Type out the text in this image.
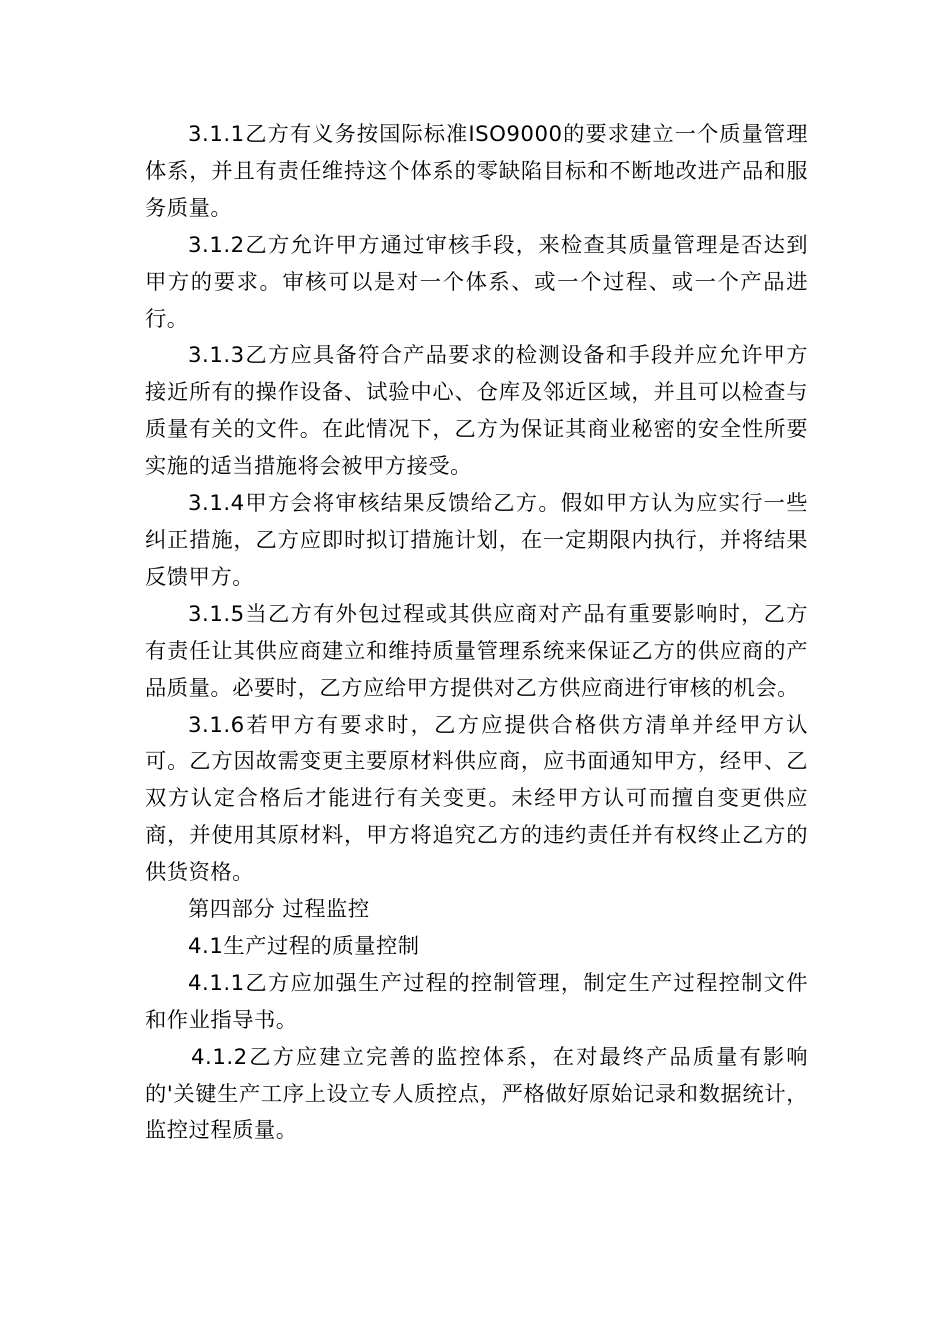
3.1.1乙方有义务按国际标准ISO9000的要求建立一个质量管理体系，并且有责任维持这个体系的零缺陷目标和不断地改进产品和服务质量。

3.1.2乙方允许甲方通过审核手段，来检查其质量管理是否达到甲方的要求。审核可以是对一个体系、或一个过程、或一个产品进行。

3.1.3乙方应具备符合产品要求的检测设备和手段并应允许甲方接近所有的操作设备、试验中心、仓库及邻近区域，并且可以检查与质量有关的文件。在此情况下，乙方为保证其商业秘密的安全性所要实施的适当措施将会被甲方接受。

3.1.4甲方会将审核结果反馈给乙方。假如甲方认为应实行一些纠正措施，乙方应即时拟订措施计划，在一定期限内执行，并将结果反馈甲方。

3.1.5当乙方有外包过程或其供应商对产品有重要影响时，乙方有责任让其供应商建立和维持质量管理系统来保证乙方的供应商的产品质量。必要时，乙方应给甲方提供对乙方供应商进行审核的机会。

3.1.6若甲方有要求时，乙方应提供合格供方清单并经甲方认可。乙方因故需变更主要原材料供应商，应书面通知甲方，经甲、乙双方认定合格后才能进行有关变更。未经甲方认可而擅自变更供应商，并使用其原材料，甲方将追究乙方的违约责任并有权终止乙方的供货资格。

第四部分 过程监控

4.1生产过程的质量控制

4.1.1乙方应加强生产过程的控制管理，制定生产过程控制文件和作业指导书。

4.1.2乙方应建立完善的监控体系，在对最终产品质量有影响的'关键生产工序上设立专人质控点，严格做好原始记录和数据统计，监控过程质量。
